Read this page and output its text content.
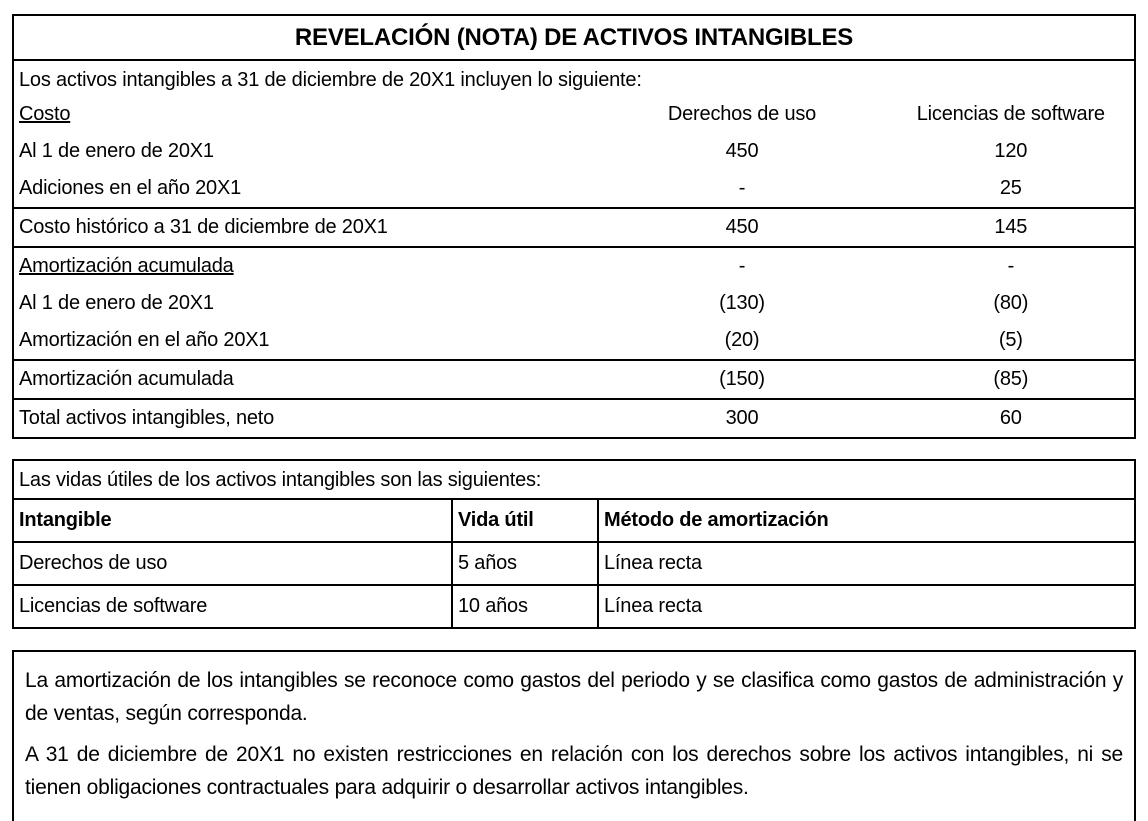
REVELACIÓN (NOTA) DE ACTIVOS INTANGIBLES
Los activos intangibles a 31 de diciembre de 20X1 incluyen lo siguiente:
Costo	Derechos de uso	Licencias de software
Al 1 de enero de 20X1	450	120
Adiciones en el año 20X1	-	25
Costo histórico a 31 de diciembre de 20X1	450	145
Amortización acumulada	-	-
Al 1 de enero de 20X1	(130)	(80)
Amortización en el año 20X1	(20)	(5)
Amortización acumulada	(150)	(85)
Total activos intangibles, neto	300	60
Las vidas útiles de los activos intangibles son las siguientes:
Intangible	Vida útil	Método de amortización
Derechos de uso	5 años	Línea recta
Licencias de software	10 años	Línea recta

La amortización de los intangibles se reconoce como gastos del periodo y se clasifica como gastos de administración y de ventas, según corresponda.

A 31 de diciembre de 20X1 no existen restricciones en relación con los derechos sobre los activos intangibles, ni se tienen obligaciones contractuales para adquirir o desarrollar activos intangibles.
